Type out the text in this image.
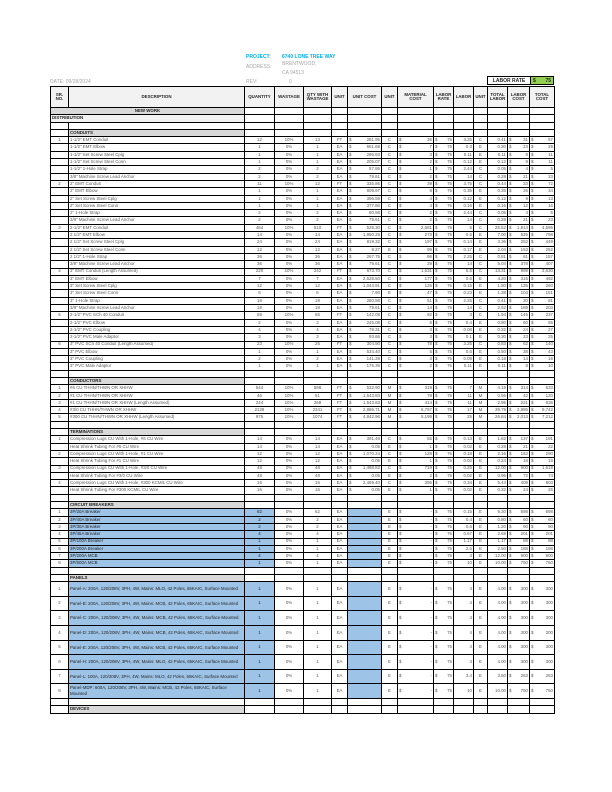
PROJECT: 6740 LONE TREE WAY
ADDRESS: BRENTWOOD,
CA 94513
DATE: 09/28/2024	REV:	0	LABOR RATE	$ 75
SR. NO.	DESCRIPTION	QUANTITY	WASTAGE	QTY WITH WASTAGE	UNIT	UNIT COST	UNIT	MATERIAL COST	LABOR RATE	LABOR	UNIT	TOTAL LABOR	LABOR COST	TOTAL COST
NEW WORK														
DISTRIBUTION														

	CONDUITS													
1	1-1/2" EMT Conduit	12	10%	13	FT	$ 281.95	C	$ 36	$ 75	3.25	C	0.41	$ 31	$ 67

	1-1/2" EMT Elbow	1	0%	1	EA	$ 651.68	C	$ 7	$ 75	0.3	E	0.30	$ 23	$ 29

	1-1/2" Set Screw Steel Cplg	1	0%	1	EA	$ 296.93	C	$ 3	$ 75	0.11	E	0.11	$ 8	$ 11

	1-1/2" Set Screw Steel Conn	1	0%	1	EA	$ 205.07	C	$ 2	$ 75	0.12	E	0.12	$ 9	$ 11

	1-1/2" 1-Hole Strap	2	0%	2	EA	$ 57.86	C	$ 1	$ 75	2.44	C	0.05	$ 4	$ 5

	3/8" Machine Screw Lead Anchor	2	0%	2	EA	$ 79.61	C	$ 2	$ 75	14	C	0.28	$ 21	$ 23

2	2" EMT Conduit	11	10%	12	FT	$ 335.86	C	$ 39	$ 75	3.75	C	0.44	$ 33	$ 72

	2" EMT Elbow	1	0%	1	EA	$ 809.97	C	$ 8	$ 75	0.35	E	0.35	$ 26	$ 34

	2" Set Screw Steel Cplg	1	0%	1	EA	$ 396.59	C	$ 4	$ 75	0.12	E	0.12	$ 9	$ 13

	2" Set Screw Steel Conn	1	0%	1	EA	$ 377.86	C	$ 4	$ 75	0.16	E	0.16	$ 12	$ 16

	2" 1-Hole Strap	2	0%	2	EA	$ 80.58	C	$ 2	$ 75	2.44	C	0.05	$ 4	$ 5

	3/8" Machine Screw Lead Anchor	2	0%	2	EA	$ 79.61	C	$ 2	$ 75	14	C	0.28	$ 21	$ 23

3	2-1/2" EMT Conduit	464	10%	510	FT	$ 525.30	C	$ 2,681	$ 75	5	C	25.52	$ 1,914	$ 4,595

	2 1/2" EMT Elbow	14	0%	14	EA	$ 1,950.25	C	$ 273	$ 75	0.5	E	7.00	$ 525	$ 798

	2 1/2" Set Screw Steel Cplg	24	0%	24	EA	$ 819.32	C	$ 197	$ 75	0.14	E	3.36	$ 252	$ 449

	2 1/2" Set Screw Steel Conn	12	0%	12	EA	$ 8.27	E	$ 99	$ 75	0.17	E	2.04	$ 153	$ 252

	2 1/2" 1-Hole Strap	36	0%	36	EA	$ 267.75	C	$ 96	$ 75	2.25	C	0.81	$ 61	$ 157

	3/8" Machine Screw Lead Anchor	36	0%	36	EA	$ 79.61	C	$ 29	$ 75	14	C	5.04	$ 378	$ 407

4	3" EMT Conduit (Length Assumed)	220	10%	242	FT	$ 673.70	C	$ 1,631	$ 75	5.5	C	13.31	$ 998	$ 2,630

	3" EMT Elbow	7	0%	7	EA	$ 2,528.50	C	$ 177	$ 75	0.6	E	4.20	$ 315	$ 492

	3" Set Screw Steel Cplg	12	0%	12	EA	$ 1,044.91	C	$ 125	$ 75	0.15	E	1.80	$ 135	$ 260

	3" Set Screw Steel Conn	6	0%	6	EA	$ 7.90	E	$ 47	$ 75	0.23	E	1.38	$ 104	$ 151

	3" 1-Hole Strap	18	0%	18	EA	$ 280.58	C	$ 51	$ 75	2.25	C	0.41	$ 30	$ 81

	3/8" Machine Screw Lead Anchor	18	0%	18	EA	$ 79.61	C	$ 14	$ 75	14	C	2.52	$ 189	$ 203

5	2-1/2" PVC SCh 40 Conduit	59	10%	65	FT	$ 142.08	C	$ 92	$ 75	3	C	1.94	$ 145	$ 237

	2-1/2" PVC Elbow	2	0%	2	EA	$ 245.08	C	$ 5	$ 75	0.4	E	0.80	$ 60	$ 65

	2-1/2" PVC Coupling	4	0%	4	EA	$ 78.31	C	$ 3	$ 75	0.08	E	0.32	$ 24	$ 27

	2-1/2" PVC Male Adaptor	3	0%	3	EA	$ 93.66	C	$ 3	$ 75	0.1	E	0.30	$ 23	$ 25

6	3" PVC SCh 40 Conduit (Length Assumed)	23	10%	26	FT	$ 304.90	C	$ 78	$ 75	3.25	C	0.83	$ 62	$ 140

	3" PVC Elbow	1	0%	1	EA	$ 534.40	C	$ 5	$ 75	0.5	E	0.50	$ 38	$ 43

	3" PVC Coupling	2	0%	2	EA	$ 141.28	C	$ 3	$ 75	0.09	E	0.18	$ 14	$ 16

	3" PVC Male Adaptor	1	0%	1	EA	$ 175.39	C	$ 2	$ 75	0.11	E	0.11	$ 8	$ 10

	CONDUCTORS													
1	#6 CU THHN/THWN OR XHHW	544	10%	598	FT	$ 532.90	M	$ 319	$ 75	7	M	4.19	$ 314	$ 633

2	#1 CU THHN/THWN OR XHHW	46	10%	51	FT	$ 1,543.83	M	$ 78	$ 75	11	M	0.56	$ 42	$ 120

3	#1 CU THHN/THWN OR XHHW (Length Assumed)	244	10%	268	FT	$ 1,543.83	M	$ 414	$ 75	11	M	2.95	$ 221	$ 636

4	#3/0 CU THHN/THWN OR XHHW	2128	10%	2341	FT	$ 2,886.71	M	$ 6,757	$ 75	17	M	39.79	$ 2,985	$ 9,742

5	#300 CU THHN/THWN OR XHHW (Length Assumed)	976	10%	1074	FT	$ 4,842.96	M	$ 5,199	$ 75	25	M	26.84	$ 2,013	$ 7,212

	TERMINATIONS													
1	Compression Lugs CU With 1-Hole, #6 CU Wire	14	0%	14	EA	$ 391.49	C	$ 55	$ 75	0.13	E	1.82	$ 137	$ 191

	Heat Shrink Tubing For #6 CU Wire	14	0%	14	EA	$ 0.05	E	$ 1	$ 75	0.02	E	0.28	$ 21	$ 22

2	Compression Lugs CU With 1-Hole, #1 CU Wire	12	0%	12	EA	$ 1,070.24	C	$ 128	$ 75	0.18	E	2.16	$ 162	$ 290

	Heat Shrink Tubing For #1 CU Wire	12	0%	12	EA	$ 0.05	E	$ 1	$ 75	0.02	E	0.24	$ 18	$ 19

3	Compression Lugs CU With 1-Hole, #3/0 CU Wire	48	0%	48	EA	$ 1,498.82	C	$ 719	$ 75	0.25	E	12.00	$ 900	$ 1,619

	Heat Shrink Tubing For #3/0 CU Wire	48	0%	48	EA	$ 0.05	E	$ 2	$ 75	0.02	E	0.96	$ 72	$ 74

4	Compression Lugs CU With 1-Hole, #300 KCMIL CU Wire	16	0%	16	EA	$ 2,469.40	C	$ 395	$ 75	0.34	E	5.44	$ 408	$ 803

	Heat Shrink Tubing For #300 KCMIL CU Wire	16	0%	16	EA	$ 0.05	E	$ 1	$ 75	0.02	E	0.32	$ 24	$ 25

	CIRCUIT BREAKERS													
1	3P/20A Breaker	62	0%	62	EA		E	$ -	$ 75	0.15	E	9.30	$ 698	$ 698

2	3P/40A Breaker	2	0%	2	EA		E	$ -	$ 75	0.4	E	0.80	$ 60	$ 60

3	3P/30A Breaker	2	0%	2	EA		E	$ -	$ 75	0.6	E	1.20	$ 90	$ 90

4	3P/45A Breaker	4	0%	4	EA		E	$ -	$ 75	0.67	E	2.68	$ 201	$ 201

5	3P/100A Breaker	1	0%	1	EA		E	$ -	$ 75	1.17	E	1.17	$ 88	$ 88

6	3P/200A Breaker	1	0%	1	EA		E	$ -	$ 75	2.5	E	2.50	$ 188	$ 188

7	3P/200A MCB	4	0%	4	EA		E	$ -	$ 75	3	E	12.00	$ 900	$ 900

8	3P/600A MCB	1	0%	1	EA		E	$ -	$ 75	10	E	10.00	$ 750	$ 750

	PANELS													
1	Panel-A: 200A, 120/208V, 3PH, 4W, Mains: MLO, 42 Poles, 65KAIC, Surface Mounted	1	0%	1	EA		E	$ -	$ 75	4	E	4.00	$ 300	$ 300

2	Panel-B: 200A, 120/208V, 3PH, 4W, Mains: MCB, 42 Poles, 65KAIC, Surface Mounted	1	0%	1	EA		E	$ -	$ 75	4	E	4.00	$ 300	$ 300

3	Panel-C: 200A, 120/208V, 3PH, 4W, Mains: MCB, 42 Poles, 65KAIC, Surface Mounted	1	0%	1	EA		E	$ -	$ 75	4	E	4.00	$ 300	$ 300

4	Panel-D: 200A, 120/208V, 3PH, 4W, Mains: MCB, 42 Poles, 65KAIC, Surface Mounted	1	0%	1	EA		E	$ -	$ 75	4	E	4.00	$ 300	$ 300

5	Panel-E: 200A, 120/208V, 3PH, 4W, Mains: MCB, 42 Poles, 65KAIC, Surface Mounted	1	0%	1	EA		E	$ -	$ 75	4	E	4.00	$ 300	$ 300

6	Panel-H: 200A, 120/208V, 3PH, 4W, Mains: MLO, 42 Poles, 65KAIC, Surface Mounted	1	0%	1	EA		E	$ -	$ 75	4	E	4.00	$ 300	$ 300

7	Panel-L: 100A, 120/208V, 3PH, 4W, Mains: MLO, 42 Poles, 65KAIC, Surface Mounted	1	0%	1	EA		E	$ -	$ 75	3.4	E	3.50	$ 263	$ 263

8	Panel-MDP: 600A, 120/208V, 3PH, 4W, Mains: MCB, 42 Poles, 65KAIC, Surface Mounted	1	0%	1	EA		E	$ -	$ 75	10	E	10.00	$ 750	$ 750

	DEVICES													
